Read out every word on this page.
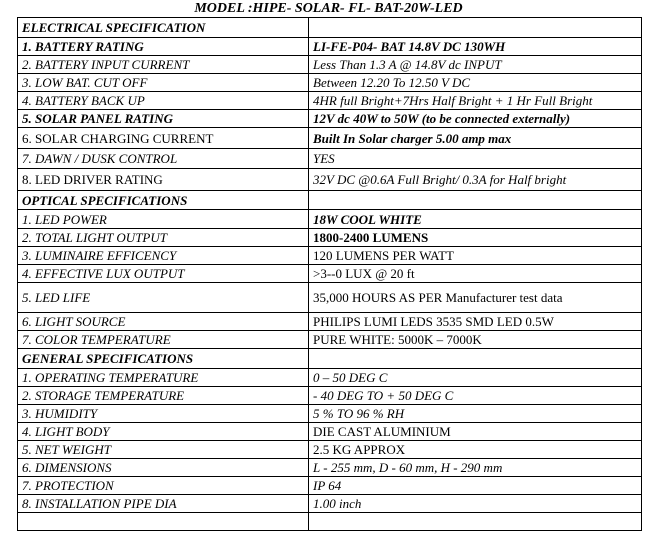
MODEL :HIPE- SOLAR- FL- BAT-20W-LED
ELECTRICAL SPECIFICATION	
1. BATTERY RATING	LI-FE-P04- BAT 14.8V DC 130WH
2. BATTERY INPUT CURRENT	Less Than 1.3 A @ 14.8V dc INPUT
3. LOW BAT. CUT OFF	Between 12.20 To 12.50 V DC
4. BATTERY BACK UP	4HR full Bright+7Hrs Half Bright + 1 Hr Full Bright
5. SOLAR PANEL RATING	12V dc 40W to 50W (to be connected externally)
6. SOLAR CHARGING CURRENT	Built In Solar charger 5.00 amp max
7. DAWN / DUSK CONTROL	YES
8. LED DRIVER RATING	32V DC @0.6A Full Bright/ 0.3A for Half bright
OPTICAL SPECIFICATIONS	
1. LED POWER	18W COOL WHITE
2. TOTAL LIGHT OUTPUT	1800-2400 LUMENS
3. LUMINAIRE EFFICENCY	120 LUMENS PER WATT
4. EFFECTIVE LUX OUTPUT	>3--0 LUX @ 20 ft
5. LED LIFE	35,000 HOURS AS PER Manufacturer test data
6. LIGHT SOURCE	PHILIPS LUMI LEDS 3535 SMD LED 0.5W
7. COLOR TEMPERATURE	PURE WHITE: 5000K – 7000K
GENERAL SPECIFICATIONS	
1. OPERATING TEMPERATURE	0 – 50 DEG C
2. STORAGE TEMPERATURE	- 40 DEG TO + 50 DEG C
3. HUMIDITY	5 % TO 96 % RH
4. LIGHT BODY	DIE CAST ALUMINIUM
5. NET WEIGHT	2.5 KG APPROX
6. DIMENSIONS	L - 255 mm, D - 60 mm, H - 290 mm
7. PROTECTION	IP 64
8. INSTALLATION PIPE DIA	1.00 inch
